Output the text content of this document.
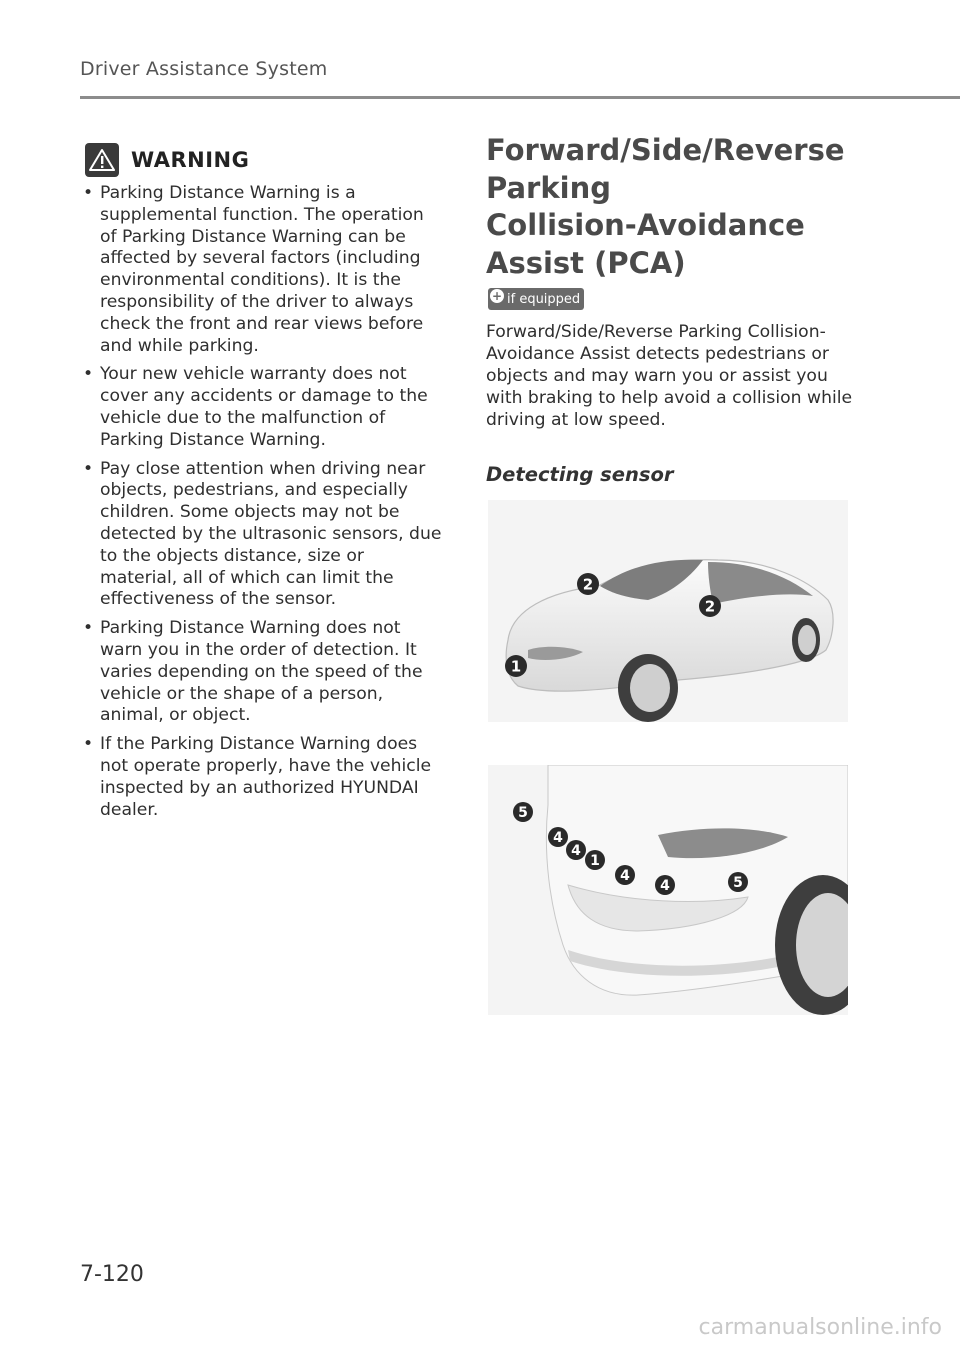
Driver Assistance System
WARNING
• Parking Distance Warning is a supplemental function. The operation of Parking Distance Warning can be affected by several factors (including environmental conditions). It is the responsibility of the driver to always check the front and rear views before and while parking.
• Your new vehicle warranty does not cover any accidents or damage to the vehicle due to the malfunction of Parking Distance Warning.
• Pay close attention when driving near objects, pedestrians, and especially children. Some objects may not be detected by the ultrasonic sensors, due to the objects distance, size or material, all of which can limit the effectiveness of the sensor.
• Parking Distance Warning does not warn you in the order of detection. It varies depending on the speed of the vehicle or the shape of a person, animal, or object.
• If the Parking Distance Warning does not operate properly, have the vehicle inspected by an authorized HYUNDAI dealer.
Forward/Side/Reverse
Parking
Collision-Avoidance
Assist (PCA)
+ if equipped

Forward/Side/Reverse Parking Collision-Avoidance Assist detects pedestrians or objects and may warn you or assist you with braking to help avoid a collision while driving at low speed.

Detecting sensor
2
2
1
5
4
4
1
4
4	5
7-120
carmanualsonline.info
